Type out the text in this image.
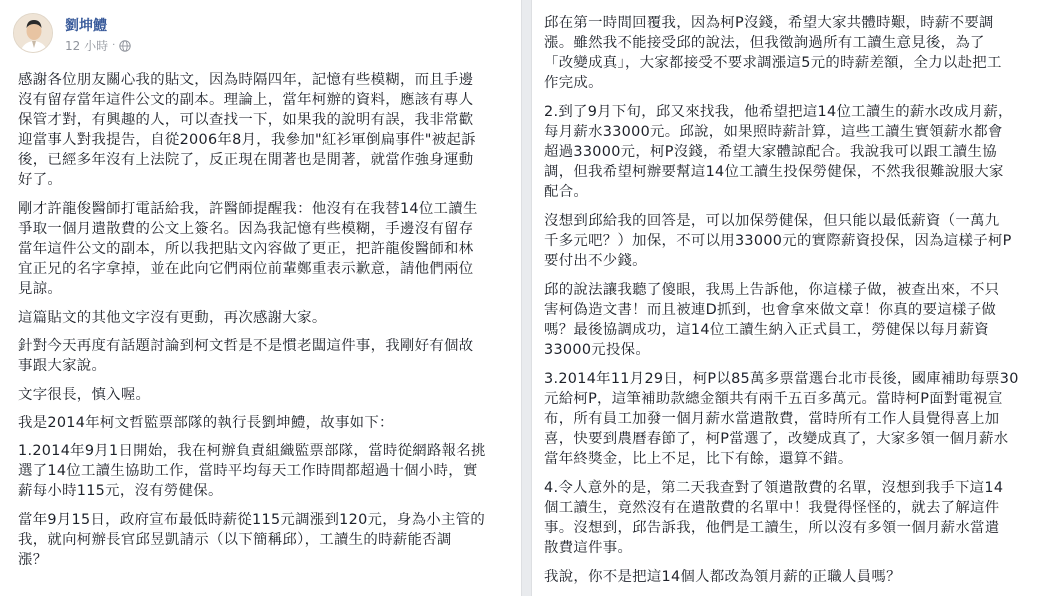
劉坤鱧
12 小時 ·

感謝各位朋友關心我的貼文，因為時隔四年，記憶有些模糊，而且手邊
沒有留存當年這件公文的副本。理論上，當年柯辦的資料，應該有專人
保管才對，有興趣的人，可以查找一下，如果我的說明有誤，我非常歡
迎當事人對我提告，自從2006年8月，我參加"紅衫軍倒扁事件"被起訴
後，已經多年沒有上法院了，反正現在閒著也是閒著，就當作強身運動
好了。

剛才許龍俊醫師打電話給我，許醫師提醒我：他沒有在我替14位工讀生
爭取一個月遣散費的公文上簽名。因為我記憶有些模糊，手邊沒有留存
當年這件公文的副本，所以我把貼文內容做了更正，把許龍俊醫師和林
宜正兄的名字拿掉，並在此向它們兩位前輩鄭重表示歉意，請他們兩位
見諒。

這篇貼文的其他文字沒有更動，再次感謝大家。

針對今天再度有話題討論到柯文哲是不是慣老闆這件事，我剛好有個故
事跟大家說。

文字很長，慎入喔。

我是2014年柯文哲監票部隊的執行長劉坤鱧，故事如下：

1.2014年9月1日開始，我在柯辦負責組織監票部隊，當時從網路報名挑
選了14位工讀生協助工作，當時平均每天工作時間都超過十個小時，實
薪每小時115元，沒有勞健保。

當年9月15日，政府宣布最低時薪從115元調漲到120元，身為小主管的
我，就向柯辦長官邱昱凱請示（以下簡稱邱），工讀生的時薪能否調
漲？

邱在第一時間回覆我，因為柯P沒錢，希望大家共體時艱，時薪不要調
漲。雖然我不能接受邱的說法，但我徵詢過所有工讀生意見後，為了
「改變成真」，大家都接受不要求調漲這5元的時薪差額，全力以赴把工
作完成。

2.到了9月下旬，邱又來找我，他希望把這14位工讀生的薪水改成月薪，
每月薪水33000元。邱說，如果照時薪計算，這些工讀生實領薪水都會
超過33000元，柯P沒錢，希望大家體諒配合。我說我可以跟工讀生協
調，但我希望柯辦要幫這14位工讀生投保勞健保，不然我很難說服大家
配合。

沒想到邱給我的回答是，可以加保勞健保，但只能以最低薪資（一萬九
千多元吧？）加保，不可以用33000元的實際薪資投保，因為這樣子柯P
要付出不少錢。

邱的說法讓我聽了傻眼，我馬上告訴他，你這樣子做，被查出來，不只
害柯偽造文書！而且被連D抓到，也會拿來做文章！你真的要這樣子做
嗎？最後協調成功，這14位工讀生納入正式員工，勞健保以每月薪資
33000元投保。

3.2014年11月29日，柯P以85萬多票當選台北市長後，國庫補助每票30
元給柯P，這筆補助款總金額共有兩千五百多萬元。當時柯P面對電視宣
布，所有員工加發一個月薪水當遣散費，當時所有工作人員覺得喜上加
喜，快要到農曆春節了，柯P當選了，改變成真了，大家多領一個月薪水
當年終獎金，比上不足，比下有餘，還算不錯。

4.令人意外的是，第二天我查對了領遣散費的名單，沒想到我手下這14
個工讀生，竟然沒有在遣散費的名單中！我覺得怪怪的，就去了解這件
事。沒想到，邱告訴我，他們是工讀生，所以沒有多領一個月薪水當遣
散費這件事。

我說，你不是把這14個人都改為領月薪的正職人員嗎？
